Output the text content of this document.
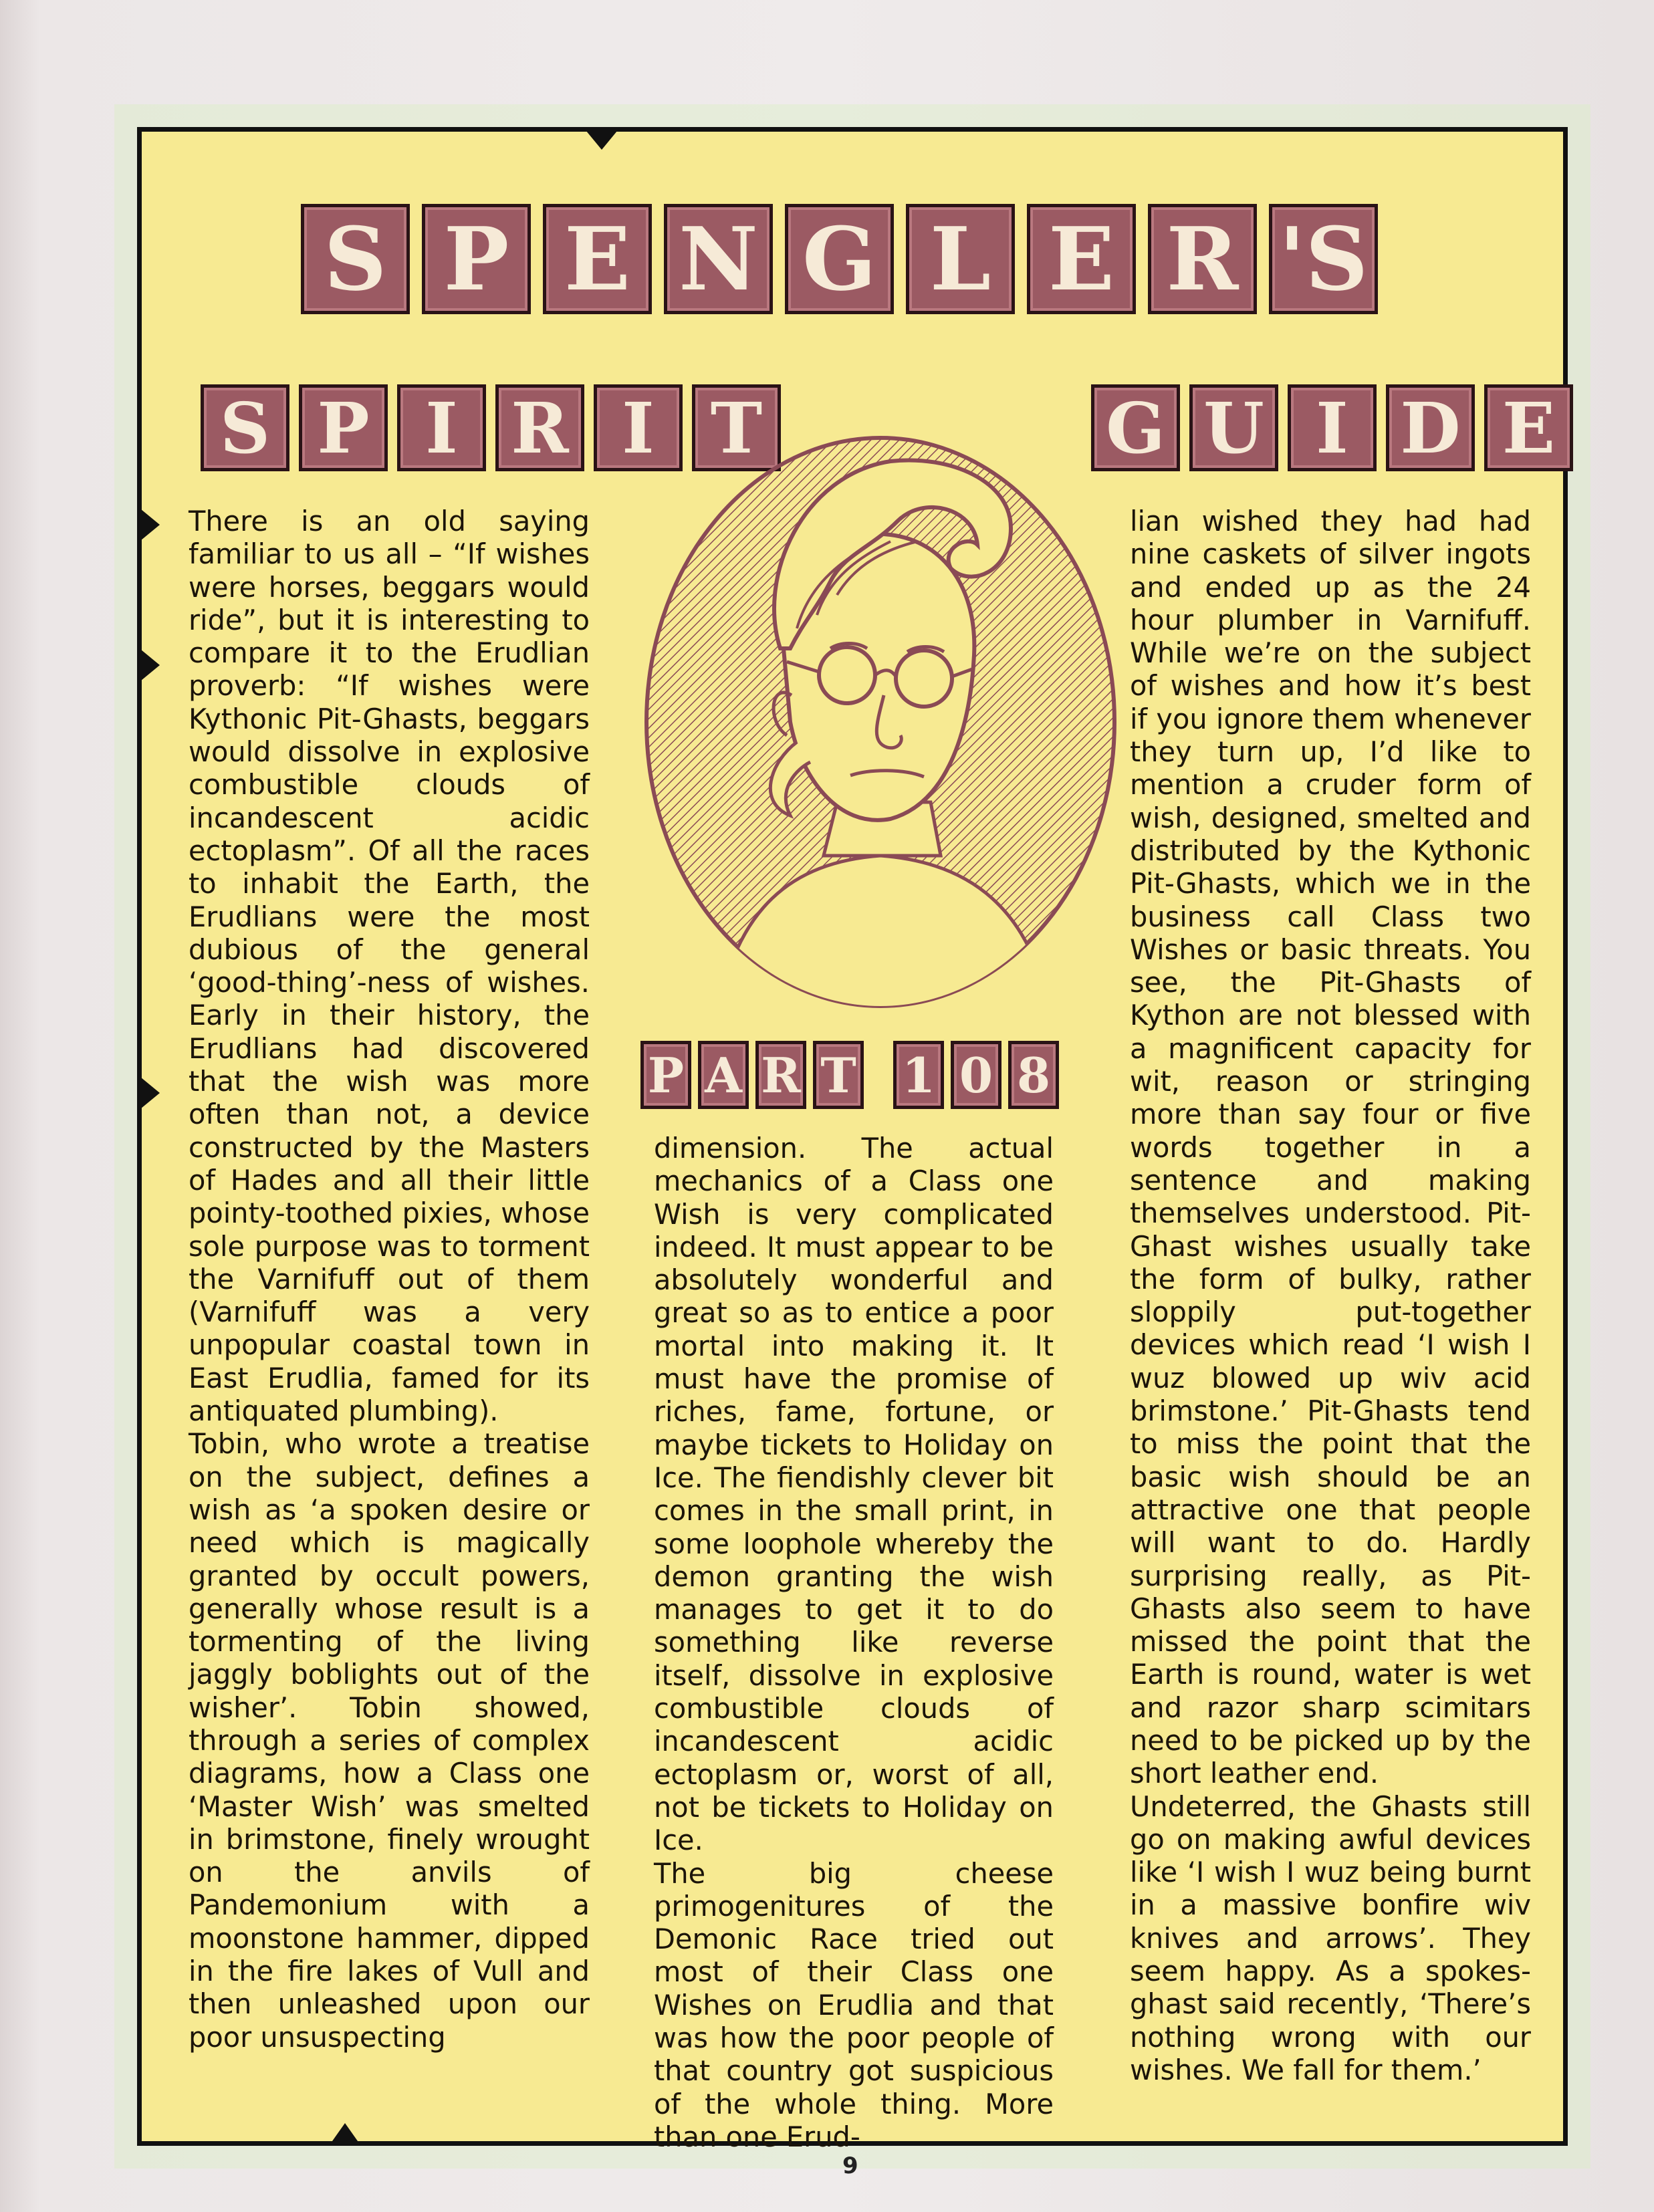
S P E N G L E R 'S
S P I R I T	G U I D E
P A R T 1 0 8

There is an old saying familiar to us all – “If wishes were horses, beggars would ride”, but it is interesting to compare it to the Erudlian proverb: “If wishes were Kythonic Pit-Ghasts, beggars would dissolve in explosive combustible clouds of incandescent acidic ectoplasm”. Of all the races to inhabit the Earth, the Erudlians were the most dubious of the general ‘good-thing’-ness of wishes. Early in their history, the Erudlians had discovered that the wish was more often than not, a device constructed by the Masters of Hades and all their little pointy-toothed pixies, whose sole purpose was to torment the Varnifuff out of them (Varnifuff was a very unpopular coastal town in East Erudlia, famed for its antiquated plumbing).

Tobin, who wrote a treatise on the subject, defines a wish as ‘a spoken desire or need which is magically granted by occult powers, generally whose result is a tormenting of the living jaggly boblights out of the wisher’. Tobin showed, through a series of complex diagrams, how a Class one ‘Master Wish’ was smelted in brimstone, finely wrought on the anvils of Pandemonium with a moonstone hammer, dipped in the fire lakes of Vull and then unleashed upon our poor unsuspecting

dimension. The actual mechanics of a Class one Wish is very complicated indeed. It must appear to be absolutely wonderful and great so as to entice a poor mortal into making it. It must have the promise of riches, fame, fortune, or maybe tickets to Holiday on Ice. The fiendishly clever bit comes in the small print, in some loophole whereby the demon granting the wish manages to get it to do something like reverse itself, dissolve in explosive combustible clouds of incandescent acidic ectoplasm or, worst of all, not be tickets to Holiday on Ice.

The big cheese primogenitures of the Demonic Race tried out most of their Class one Wishes on Erudlia and that was how the poor people of that country got suspicious of the whole thing. More than one Erud-

lian wished they had had nine caskets of silver ingots and ended up as the 24 hour plumber in Varnifuff. While we’re on the subject of wishes and how it’s best if you ignore them whenever they turn up, I’d like to mention a cruder form of wish, designed, smelted and distributed by the Kythonic Pit-Ghasts, which we in the business call Class two Wishes or basic threats. You see, the Pit-Ghasts of Kython are not blessed with a magnificent capacity for wit, reason or stringing more than say four or five words together in a sentence and making themselves understood. Pit-Ghast wishes usually take the form of bulky, rather sloppily put-together devices which read ‘I wish I wuz blowed up wiv acid brimstone.’ Pit-Ghasts tend to miss the point that the basic wish should be an attractive one that people will want to do. Hardly surprising really, as Pit-Ghasts also seem to have missed the point that the Earth is round, water is wet and razor sharp scimitars need to be picked up by the short leather end.

Undeterred, the Ghasts still go on making awful devices like ‘I wish I wuz being burnt in a massive bonfire wiv knives and arrows’. They seem happy. As a spokes-ghast said recently, ‘There’s nothing wrong with our wishes. We fall for them.’

9
